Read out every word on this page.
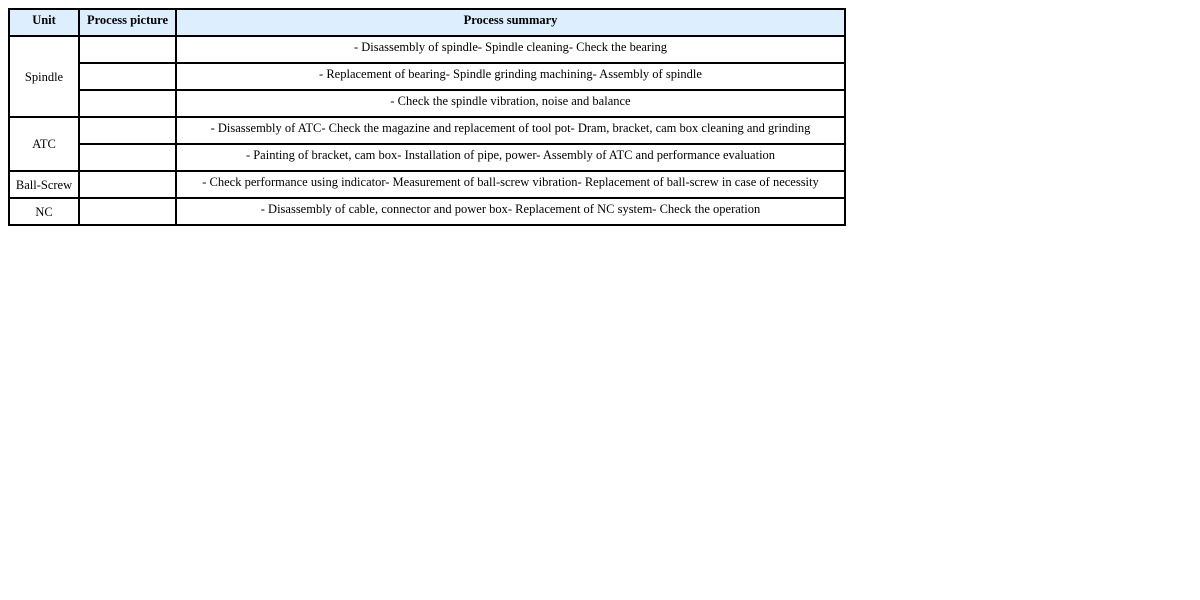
Unit	Process picture	Process summary
Spindle		- Disassembly of spindle- Spindle cleaning- Check the bearing
		- Replacement of bearing- Spindle grinding machining- Assembly of spindle
		- Check the spindle vibration, noise and balance
ATC		- Disassembly of ATC- Check the magazine and replacement of tool pot- Dram, bracket, cam box cleaning and grinding
		- Painting of bracket, cam box- Installation of pipe, power- Assembly of ATC and performance evaluation
Ball-Screw		- Check performance using indicator- Measurement of ball-screw vibration- Replacement of ball-screw in case of necessity
NC		- Disassembly of cable, connector and power box- Replacement of NC system- Check the operation
